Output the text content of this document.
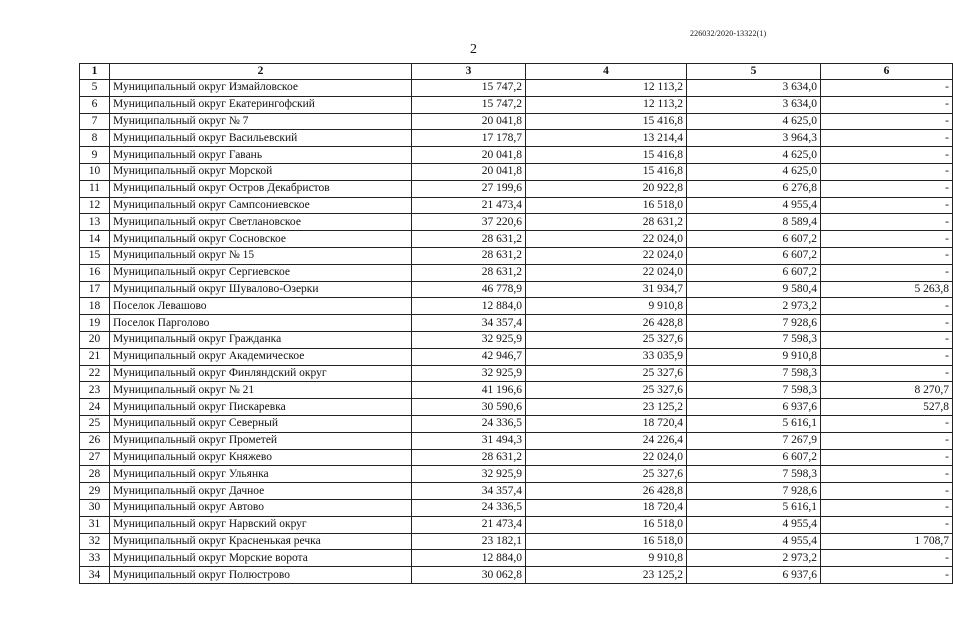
226032/2020-13322(1)
2
1	2	3	4	5	6
5	Муниципальный округ Измайловское	15 747,2	12 113,2	3 634,0	-
6	Муниципальный округ Екатерингофский	15 747,2	12 113,2	3 634,0	-
7	Муниципальный округ № 7	20 041,8	15 416,8	4 625,0	-
8	Муниципальный округ Васильевский	17 178,7	13 214,4	3 964,3	-
9	Муниципальный округ Гавань	20 041,8	15 416,8	4 625,0	-
10	Муниципальный округ Морской	20 041,8	15 416,8	4 625,0	-
11	Муниципальный округ Остров Декабристов	27 199,6	20 922,8	6 276,8	-
12	Муниципальный округ Сампсониевское	21 473,4	16 518,0	4 955,4	-
13	Муниципальный округ Светлановское	37 220,6	28 631,2	8 589,4	-
14	Муниципальный округ Сосновское	28 631,2	22 024,0	6 607,2	-
15	Муниципальный округ № 15	28 631,2	22 024,0	6 607,2	-
16	Муниципальный округ Сергиевское	28 631,2	22 024,0	6 607,2	-
17	Муниципальный округ Шувалово-Озерки	46 778,9	31 934,7	9 580,4	5 263,8
18	Поселок Левашово	12 884,0	9 910,8	2 973,2	-
19	Поселок Парголово	34 357,4	26 428,8	7 928,6	-
20	Муниципальный округ Гражданка	32 925,9	25 327,6	7 598,3	-
21	Муниципальный округ Академическое	42 946,7	33 035,9	9 910,8	-
22	Муниципальный округ Финляндский округ	32 925,9	25 327,6	7 598,3	-
23	Муниципальный округ № 21	41 196,6	25 327,6	7 598,3	8 270,7
24	Муниципальный округ Пискаревка	30 590,6	23 125,2	6 937,6	527,8
25	Муниципальный округ Северный	24 336,5	18 720,4	5 616,1	-
26	Муниципальный округ Прометей	31 494,3	24 226,4	7 267,9	-
27	Муниципальный округ Княжево	28 631,2	22 024,0	6 607,2	-
28	Муниципальный округ Ульянка	32 925,9	25 327,6	7 598,3	-
29	Муниципальный округ Дачное	34 357,4	26 428,8	7 928,6	-
30	Муниципальный округ Автово	24 336,5	18 720,4	5 616,1	-
31	Муниципальный округ Нарвский округ	21 473,4	16 518,0	4 955,4	-
32	Муниципальный округ Красненькая речка	23 182,1	16 518,0	4 955,4	1 708,7
33	Муниципальный округ Морские ворота	12 884,0	9 910,8	2 973,2	-
34	Муниципальный округ Полюстрово	30 062,8	23 125,2	6 937,6	-
